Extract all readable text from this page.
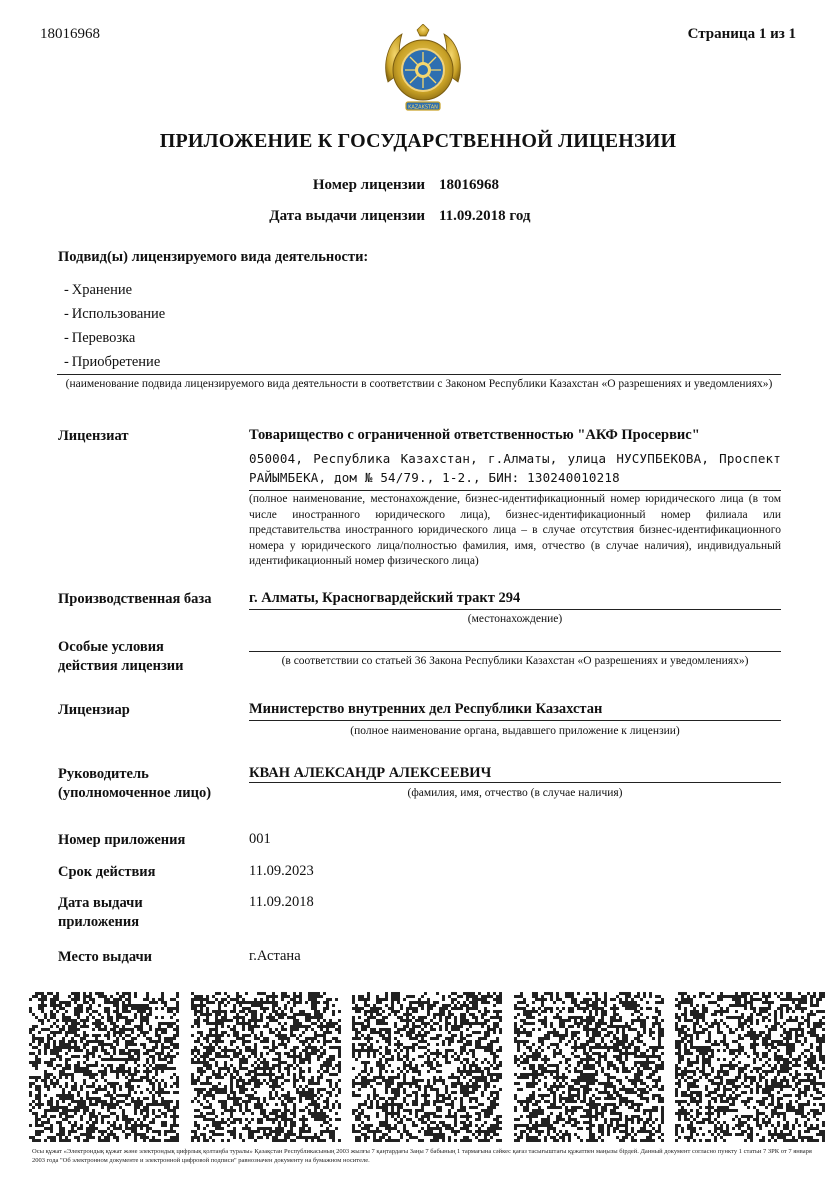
18016968	Страница 1 из 1
KAZAKSTAN
ПРИЛОЖЕНИЕ К ГОСУДАРСТВЕННОЙ ЛИЦЕНЗИИ
Номер лицензии 18016968
Дата выдачи лицензии 11.09.2018 год
Подвид(ы) лицензируемого вида деятельности:
- Хранение
- Использование
- Перевозка
- Приобретение
(наименование подвида лицензируемого вида деятельности в соответствии с Законом Республики Казахстан «О разрешениях и уведомлениях»)
Лицензиат	Товарищество с ограниченной ответственностью "АКФ Просервис"
050004, Республика Казахстан, г.Алматы, улица НУСУПБЕКОВА, Проспект РАЙЫМБЕКА, дом № 54/79., 1-2., БИН: 130240010218
(полное наименование, местонахождение, бизнес-идентификационный номер юридического лица (в том числе иностранного юридического лица), бизнес-идентификационный номер филиала или представительства иностранного юридического лица – в случае отсутствия бизнес-идентификационного номера у юридического лица/полностью фамилия, имя, отчество (в случае наличия), индивидуальный идентификационный номер физического лица)
Производственная база	г. Алматы, Красногвардейский тракт 294
(местонахождение)
Особые условия
действия лицензии	(в соответствии со статьей 36 Закона Республики Казахстан «О разрешениях и уведомлениях»)
Лицензиар	Министерство внутренних дел Республики Казахстан
(полное наименование органа, выдавшего приложение к лицензии)
Руководитель
(уполномоченное лицо)
КВАН АЛЕКСАНДР АЛЕКСЕЕВИЧ
(фамилия, имя, отчество (в случае наличия)
Номер приложения	001
Срок действия	11.09.2023
Дата выдачи
приложения
11.09.2018
Место выдачи	г.Астана
Осы құжат «Электрондық құжат және электрондық цифрлық қолтаңба туралы» Қазақстан Республикасының 2003 жылғы 7 қаңтардағы Заңы 7 бабының 1 тармағына сәйкес қағаз тасығыштағы құжатпен маңызы бірдей. Данный документ согласно пункту 1 статьи 7 ЗРК от 7 января 2003 года "Об электронном документе и электронной цифровой подписи" равнозначен документу на бумажном носителе.
